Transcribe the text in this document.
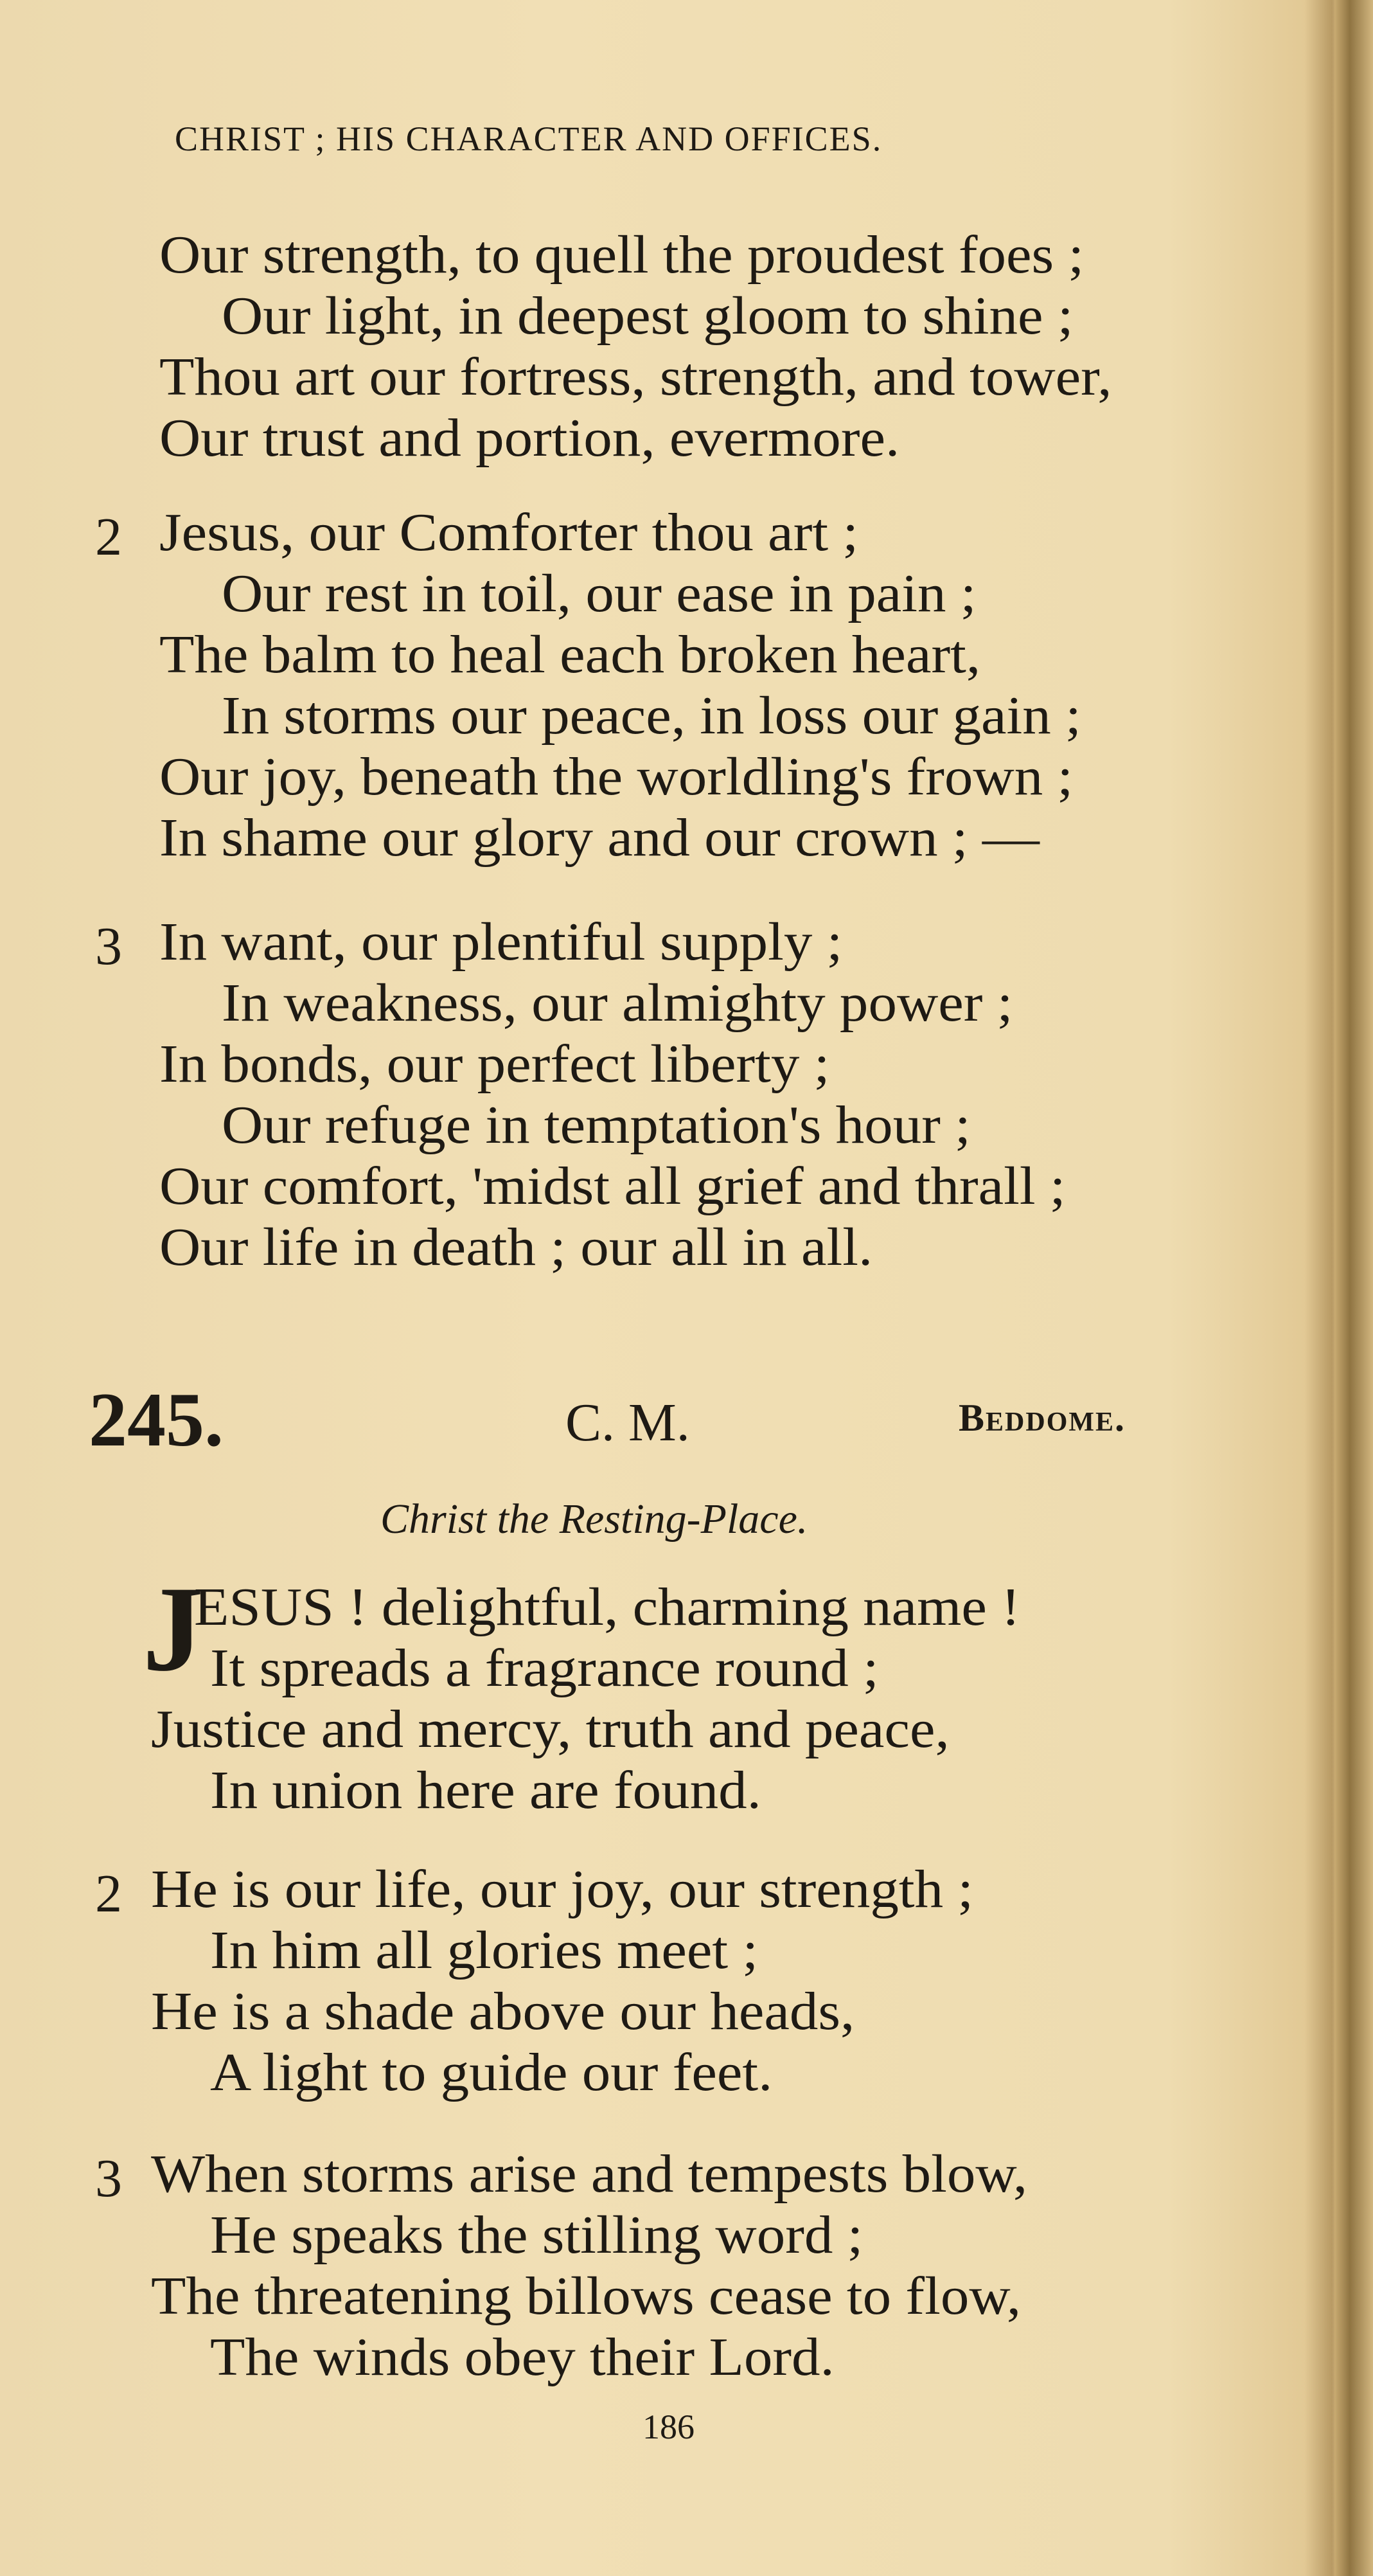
CHRIST ; HIS CHARACTER AND OFFICES.
245.	C. M.	Beddome.
Christ the Resting-Place.
J
186
Our strength, to quell the proudest foes ;
Our light, in deepest gloom to shine ;
Thou art our fortress, strength, and tower,
Our trust and portion, evermore.
2 Jesus, our Comforter thou art ;
Our rest in toil, our ease in pain ;
The balm to heal each broken heart,
In storms our peace, in loss our gain ;
Our joy, beneath the worldling's frown ;
In shame our glory and our crown ; —
3 In want, our plentiful supply ;
In weakness, our almighty power ;
In bonds, our perfect liberty ;
Our refuge in temptation's hour ;
Our comfort, 'midst all grief and thrall ;
Our life in death ; our all in all.
ESUS ! delightful, charming name !
It spreads a fragrance round ;
Justice and mercy, truth and peace,
In union here are found.
2 He is our life, our joy, our strength ;
In him all glories meet ;
He is a shade above our heads,
A light to guide our feet.
3 When storms arise and tempests blow,
He speaks the stilling word ;
The threatening billows cease to flow,
The winds obey their Lord.
